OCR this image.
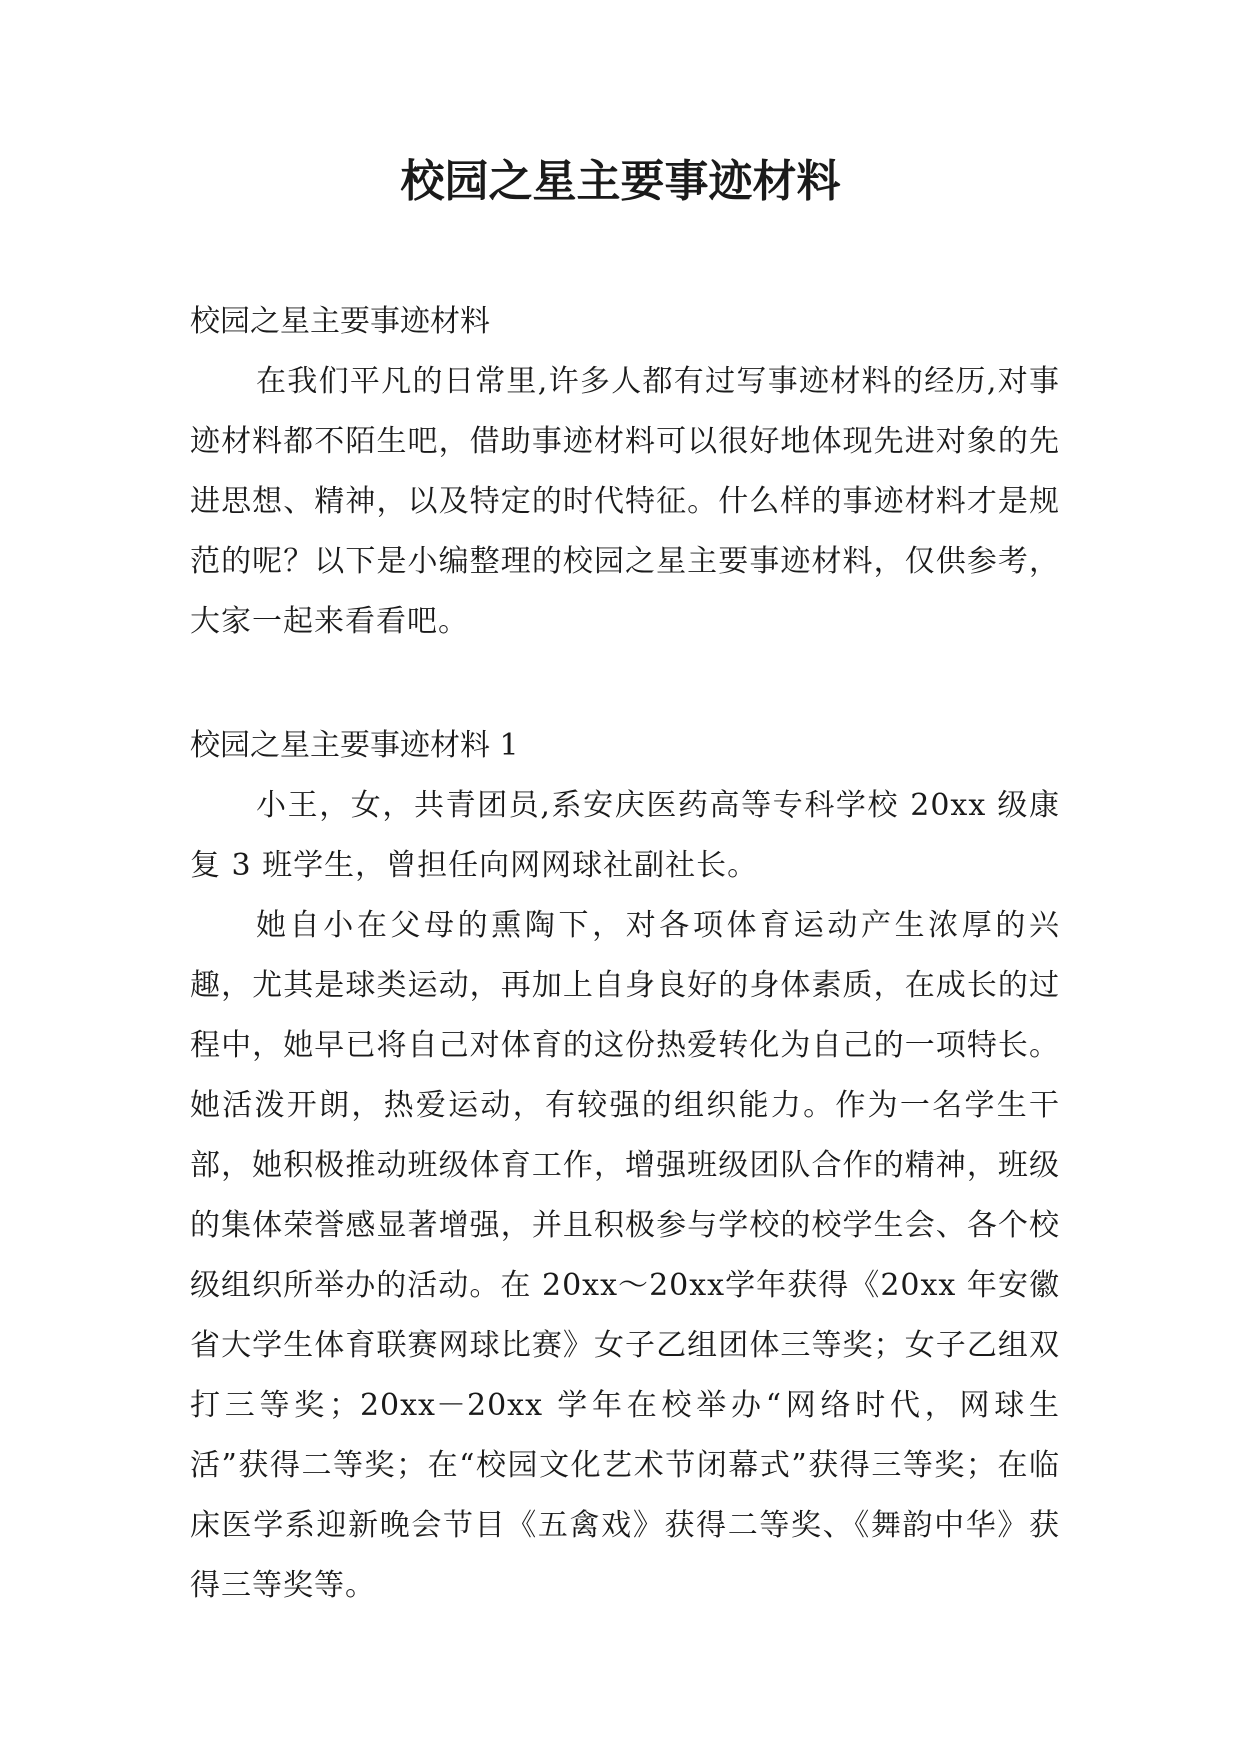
校园之星主要事迹材料

校园之星主要事迹材料

在我们平凡的日常里,许多人都有过写事迹材料的经历,对事迹材料都不陌生吧，借助事迹材料可以很好地体现先进对象的先进思想、精神，以及特定的时代特征。什么样的事迹材料才是规范的呢？以下是小编整理的校园之星主要事迹材料，仅供参考，大家一起来看看吧。

校园之星主要事迹材料 1

小王，女，共青团员,系安庆医药高等专科学校 20xx 级康复 3 班学生，曾担任向网网球社副社长。

她自小在父母的熏陶下，对各项体育运动产生浓厚的兴趣，尤其是球类运动，再加上自身良好的身体素质，在成长的过程中，她早已将自己对体育的这份热爱转化为自己的一项特长。她活泼开朗，热爱运动，有较强的组织能力。作为一名学生干部，她积极推动班级体育工作，增强班级团队合作的精神，班级的集体荣誉感显著增强，并且积极参与学校的校学生会、各个校级组织所举办的活动。在 20xx～20xx学年获得《20xx 年安徽省大学生体育联赛网球比赛》女子乙组团体三等奖；女子乙组双打三等奖；20xx－20xx 学年在校举办“网络时代，网球生活”获得二等奖；在“校园文化艺术节闭幕式”获得三等奖；在临床医学系迎新晚会节目《五禽戏》获得二等奖、《舞韵中华》获得三等奖等。
